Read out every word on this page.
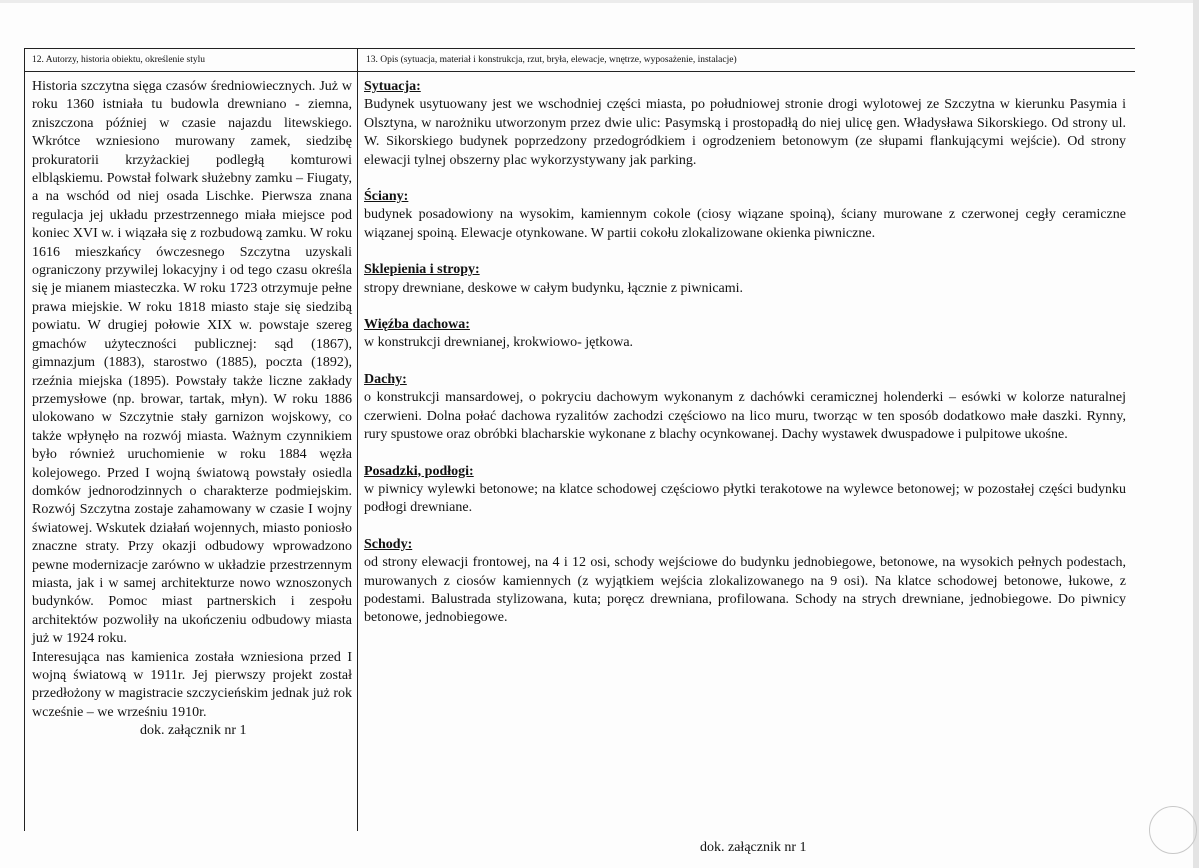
12. Autorzy, historia obiektu, określenie stylu	13. Opis (sytuacja, materiał i konstrukcja, rzut, bryła, elewacje, wnętrze, wyposażenie, instalacje)

Historia szczytna sięga czasów średniowiecznych. Już w roku 1360 istniała tu budowla drewniano - ziemna, zniszczona później w czasie najazdu litewskiego. Wkrótce wzniesiono murowany zamek, siedzibę prokuratorii krzyżackiej podległą komturowi elbląskiemu. Powstał folwark służebny zamku – Fiugaty, a na wschód od niej osada Lischke. Pierwsza znana regulacja jej układu przestrzennego miała miejsce pod koniec XVI w. i wiązała się z rozbudową zamku. W roku 1616 mieszkańcy ówczesnego Szczytna uzyskali ograniczony przywilej lokacyjny i od tego czasu określa się je mianem miasteczka. W roku 1723 otrzymuje pełne prawa miejskie. W roku 1818 miasto staje się siedzibą powiatu. W drugiej połowie XIX w. powstaje szereg gmachów użyteczności publicznej: sąd (1867), gimnazjum (1883), starostwo (1885), poczta (1892), rzeźnia miejska (1895). Powstały także liczne zakłady przemysłowe (np. browar, tartak, młyn). W roku 1886 ulokowano w Szczytnie stały garnizon wojskowy, co także wpłynęło na rozwój miasta. Ważnym czynnikiem było również uruchomienie w roku 1884 węzła kolejowego. Przed I wojną światową powstały osiedla domków jednorodzinnych o charakterze podmiejskim. Rozwój Szczytna zostaje zahamowany w czasie I wojny światowej. Wskutek działań wojennych, miasto poniosło znaczne straty. Przy okazji odbudowy wprowadzono pewne modernizacje zarówno w układzie przestrzennym miasta, jak i w samej architekturze nowo wznoszonych budynków. Pomoc miast partnerskich i zespołu architektów pozwoliły na ukończeniu odbudowy miasta już w 1924 roku.

Interesująca nas kamienica została wzniesiona przed I wojną światową w 1911r. Jej pierwszy projekt został przedłożony w magistracie szczycieńskim jednak już rok wcześnie – we wrześniu 1910r.

dok. załącznik nr 1

Sytuacja:

Budynek usytuowany jest we wschodniej części miasta, po południowej stronie drogi wylotowej ze Szczytna w kierunku Pasymia i Olsztyna, w narożniku utworzonym przez dwie ulic: Pasymską i prostopadłą do niej ulicę gen. Władysława Sikorskiego. Od strony ul. W. Sikorskiego budynek poprzedzony przedogródkiem i ogrodzeniem betonowym (ze słupami flankującymi wejście). Od strony elewacji tylnej obszerny plac wykorzystywany jak parking.

Ściany:

budynek posadowiony na wysokim, kamiennym cokole (ciosy wiązane spoiną), ściany murowane z czerwonej cegły ceramiczne wiązanej spoiną. Elewacje otynkowane. W partii cokołu zlokalizowane okienka piwniczne.

Sklepienia i stropy:

stropy drewniane, deskowe w całym budynku, łącznie z piwnicami.

Więźba dachowa:

w konstrukcji drewnianej, krokwiowo- jętkowa.

Dachy:

o konstrukcji mansardowej, o pokryciu dachowym wykonanym z dachówki ceramicznej holenderki – esówki w kolorze naturalnej czerwieni. Dolna połać dachowa ryzalitów zachodzi częściowo na lico muru, tworząc w ten sposób dodatkowo małe daszki. Rynny, rury spustowe oraz obróbki blacharskie wykonane z blachy ocynkowanej. Dachy wystawek dwuspadowe i pulpitowe ukośne.

Posadzki, podłogi:

w piwnicy wylewki betonowe; na klatce schodowej częściowo płytki terakotowe na wylewce betonowej; w pozostałej części budynku podłogi drewniane.

Schody:

od strony elewacji frontowej, na 4 i 12 osi, schody wejściowe do budynku jednobiegowe, betonowe, na wysokich pełnych podestach, murowanych z ciosów kamiennych (z wyjątkiem wejścia zlokalizowanego na 9 osi). Na klatce schodowej betonowe, łukowe, z podestami. Balustrada stylizowana, kuta; poręcz drewniana, profilowana. Schody na strych drewniane, jednobiegowe. Do piwnicy betonowe, jednobiegowe.

dok. załącznik nr 1
